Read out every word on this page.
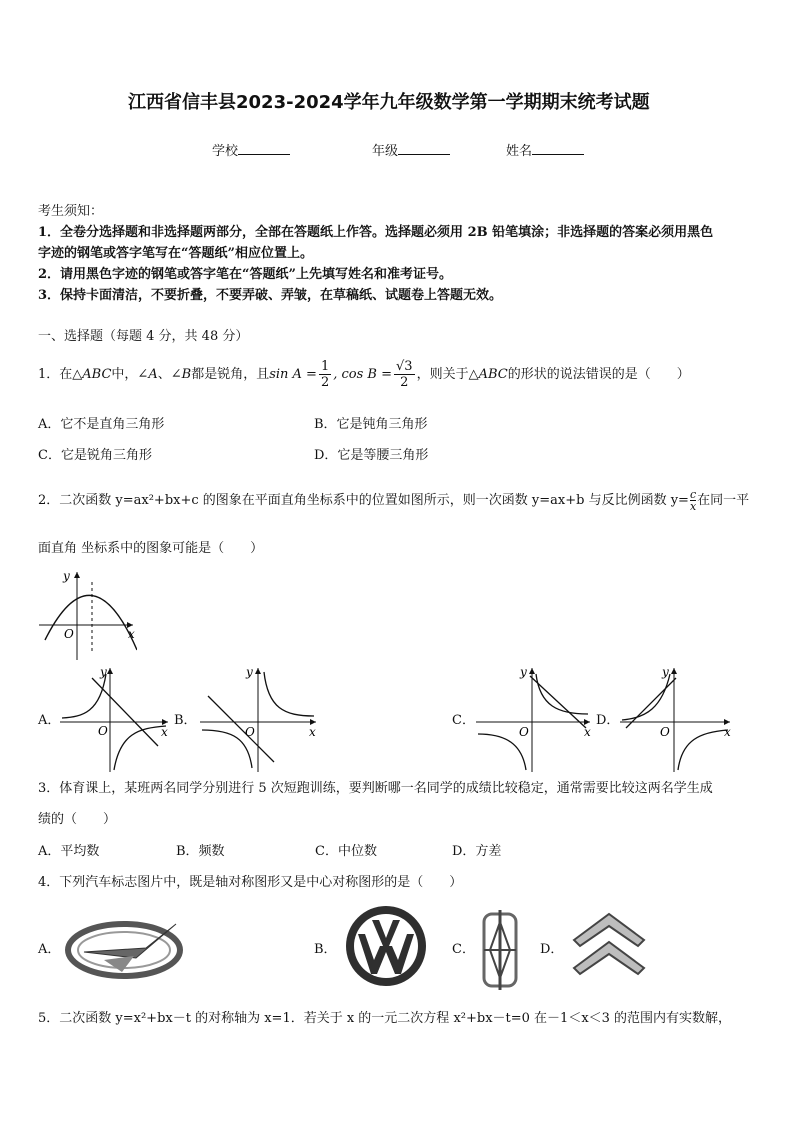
江西省信丰县2023-2024学年九年级数学第一学期期末统考试题
学校	年级	姓名
考生须知：
1．全卷分选择题和非选择题两部分，全部在答题纸上作答。选择题必须用 2B 铅笔填涂；非选择题的答案必须用黑色
字迹的钢笔或答字笔写在“答题纸”相应位置上。
2．请用黑色字迹的钢笔或答字笔在“答题纸”上先填写姓名和准考证号。
3．保持卡面清洁，不要折叠，不要弄破、弄皱，在草稿纸、试题卷上答题无效。
一、选择题（每题 4 分，共 48 分）
1．在△ABC中，∠A、∠B都是锐角，且$\sin A = \frac{1}{2}$ , $\cos B = \frac{√3}{2}$ ，则关于△ABC的形状的说法错误的是（　　）
A．它不是直角三角形	B．它是钝角三角形
C．它是锐角三角形	D．它是等腰三角形
2．二次函数 y=ax²+bx+c 的图象在平面直角坐标系中的位置如图所示，则一次函数 y=ax+b 与反比例函数 $y= \frac{c}{x}$ 在同一平
面直角 坐标系中的图象可能是（　　）
y
x
O
A．	B．	C．	D．
y
x
O
y
x
O
y
x
O
y
x
O
3．体育课上，某班两名同学分别进行 5 次短跑训练，要判断哪一名同学的成绩比较稳定，通常需要比较这两名学生成
绩的（　　）
A．平均数	B．频数	C．中位数	D．方差
4．下列汽车标志图片中，既是轴对称图形又是中心对称图形的是（　　）
A．	B．	C．	D．
5．二次函数 y=x²+bx－t 的对称轴为 x=1．若关于 x 的一元二次方程 x²+bx－t=0 在－1＜x＜3 的范围内有实数解，
